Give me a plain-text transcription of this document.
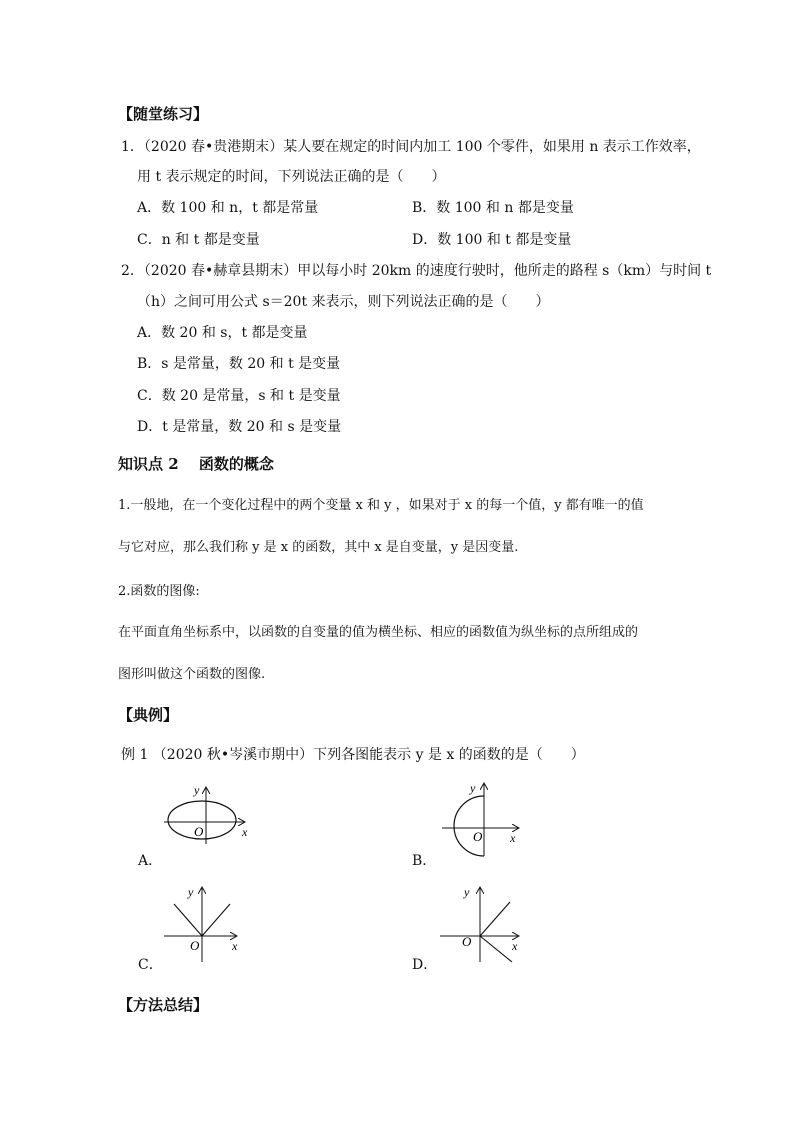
【随堂练习】
1．（2020 春•贵港期末）某人要在规定的时间内加工 100 个零件，如果用 n 表示工作效率，
用 t 表示规定的时间，下列说法正确的是（　　）
A．数 100 和 n，t 都是常量	B．数 100 和 n 都是变量
C．n 和 t 都是变量	D．数 100 和 t 都是变量
2．（2020 春•赫章县期末）甲以每小时 20km 的速度行驶时，他所走的路程 s（km）与时间 t
（h）之间可用公式 s＝20t 来表示，则下列说法正确的是（　　）
A．数 20 和 s，t 都是变量
B．s 是常量，数 20 和 t 是变量
C．数 20 是常量，s 和 t 是变量
D．t 是常量，数 20 和 s 是变量
知识点 2　 函数的概念
1.一般地，在一个变化过程中的两个变量 x 和 y ，如果对于 x 的每一个值，y 都有唯一的值
与它对应，那么我们称 y 是 x 的函数，其中 x 是自变量，y 是因变量.
2.函数的图像:
在平面直角坐标系中，以函数的自变量的值为横坐标、相应的函数值为纵坐标的点所组成的
图形叫做这个函数的图像.
【典例】
例 1 （2020 秋•岑溪市期中）下列各图能表示 y 是 x 的函数的是（　　）
O	x
y
A．
O x
y
B．
O	x
y
C．
O	x
y
D．
【方法总结】
